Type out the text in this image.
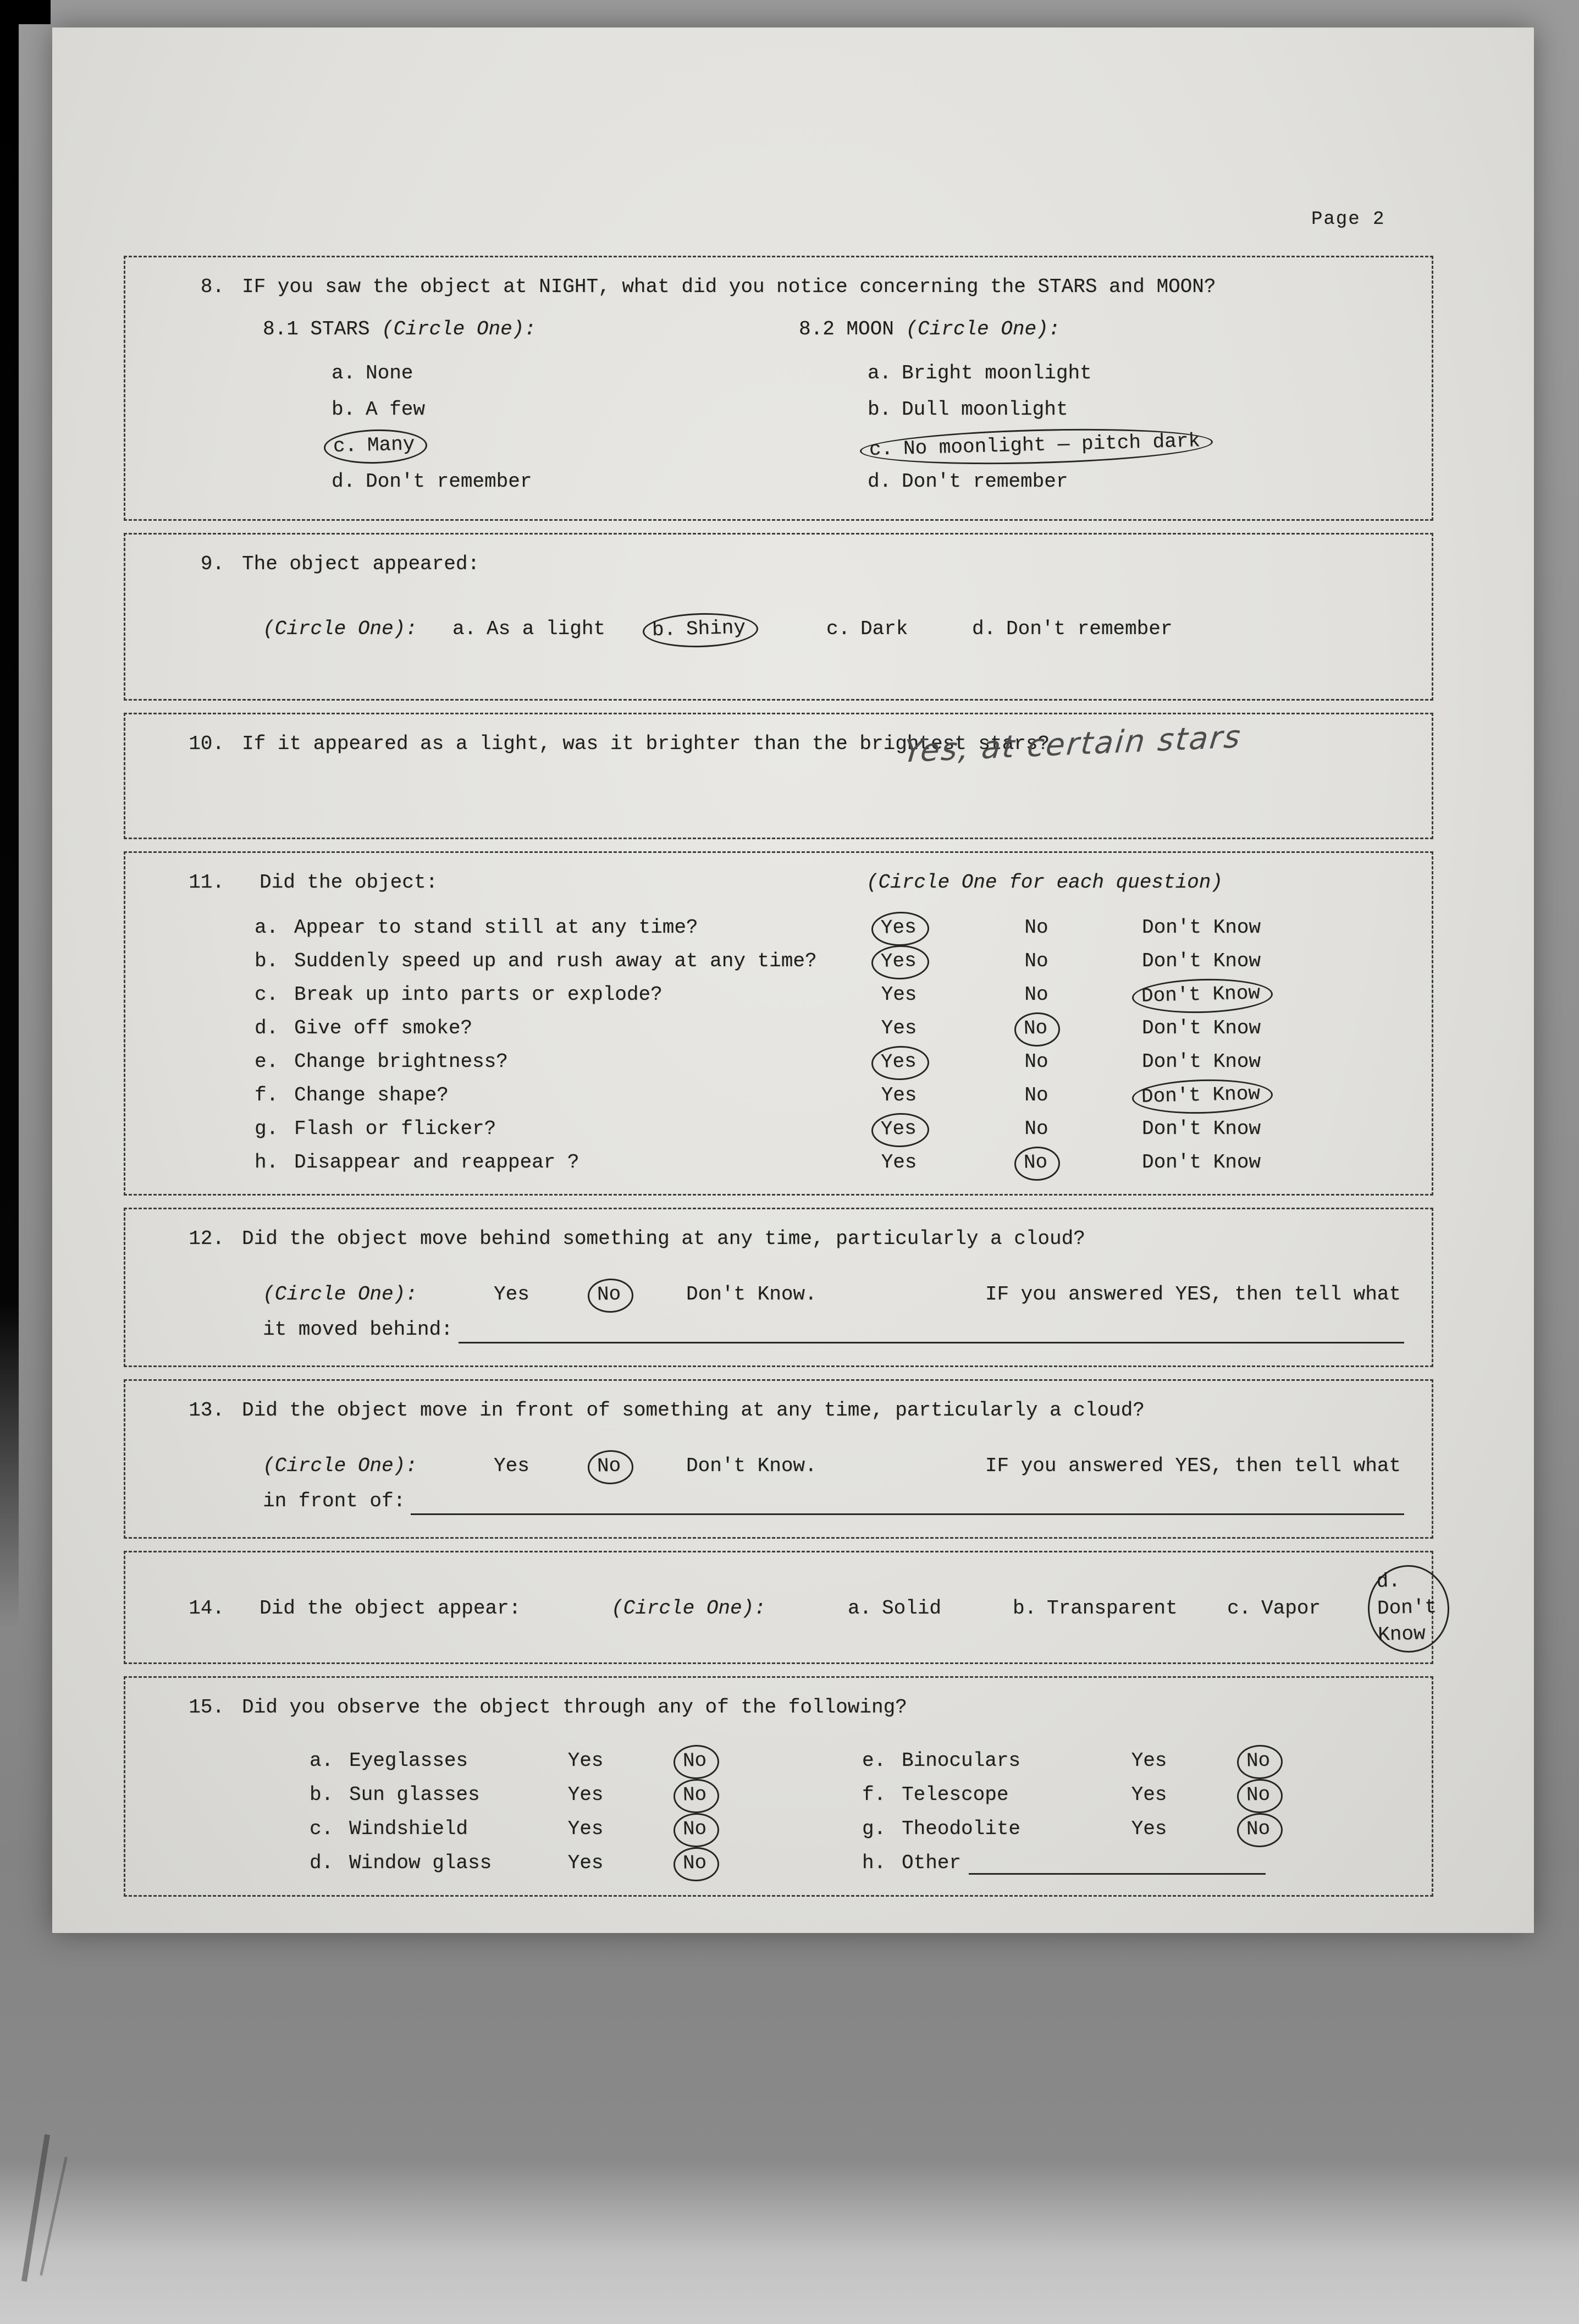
Page 2
8. IF you saw the object at NIGHT, what did you notice concerning the STARS and MOON?
8.1 STARS (Circle One):
a. None
b. A few
c. Many
d. Don't remember
8.2 MOON (Circle One):
a. Bright moonlight
b. Dull moonlight
c. No moonlight — pitch dark
d. Don't remember
9. The object appeared:
(Circle One):	a. As a light	b. Shiny	c. Dark	d. Don't remember
10. If it appeared as a light, was it brighter than the brightest stars?
Yes, at certain stars
11. Did the object:	(Circle One for each question)
a. Appear to stand still at any time?	Yes	No	Don't Know
b. Suddenly speed up and rush away at any time?	Yes	No	Don't Know
c. Break up into parts or explode?	Yes	No	Don't Know
d. Give off smoke?	Yes	No	Don't Know
e. Change brightness?	Yes	No	Don't Know
f. Change shape?	Yes	No	Don't Know
g. Flash or flicker?	Yes	No	Don't Know
h. Disappear and reappear ?	Yes	No	Don't Know
12. Did the object move behind something at any time, particularly a cloud?
(Circle One):	Yes	No	Don't Know.	IF you answered YES, then tell what
it moved behind:
13. Did the object move in front of something at any time, particularly a cloud?
(Circle One):	Yes	No	Don't Know.	IF you answered YES, then tell what
in front of:
14. Did the object appear:	(Circle One):	a. Solid	b. Transparent	c. Vapor
d.Don't Know
15. Did you observe the object through any of the following?
a. Eyeglasses	Yes	No
b. Sun glasses	Yes	No
c. Windshield	Yes	No
d. Window glass	Yes	No
e. Binoculars	Yes	No
f. Telescope	Yes	No
g. Theodolite	Yes	No
h. Other
